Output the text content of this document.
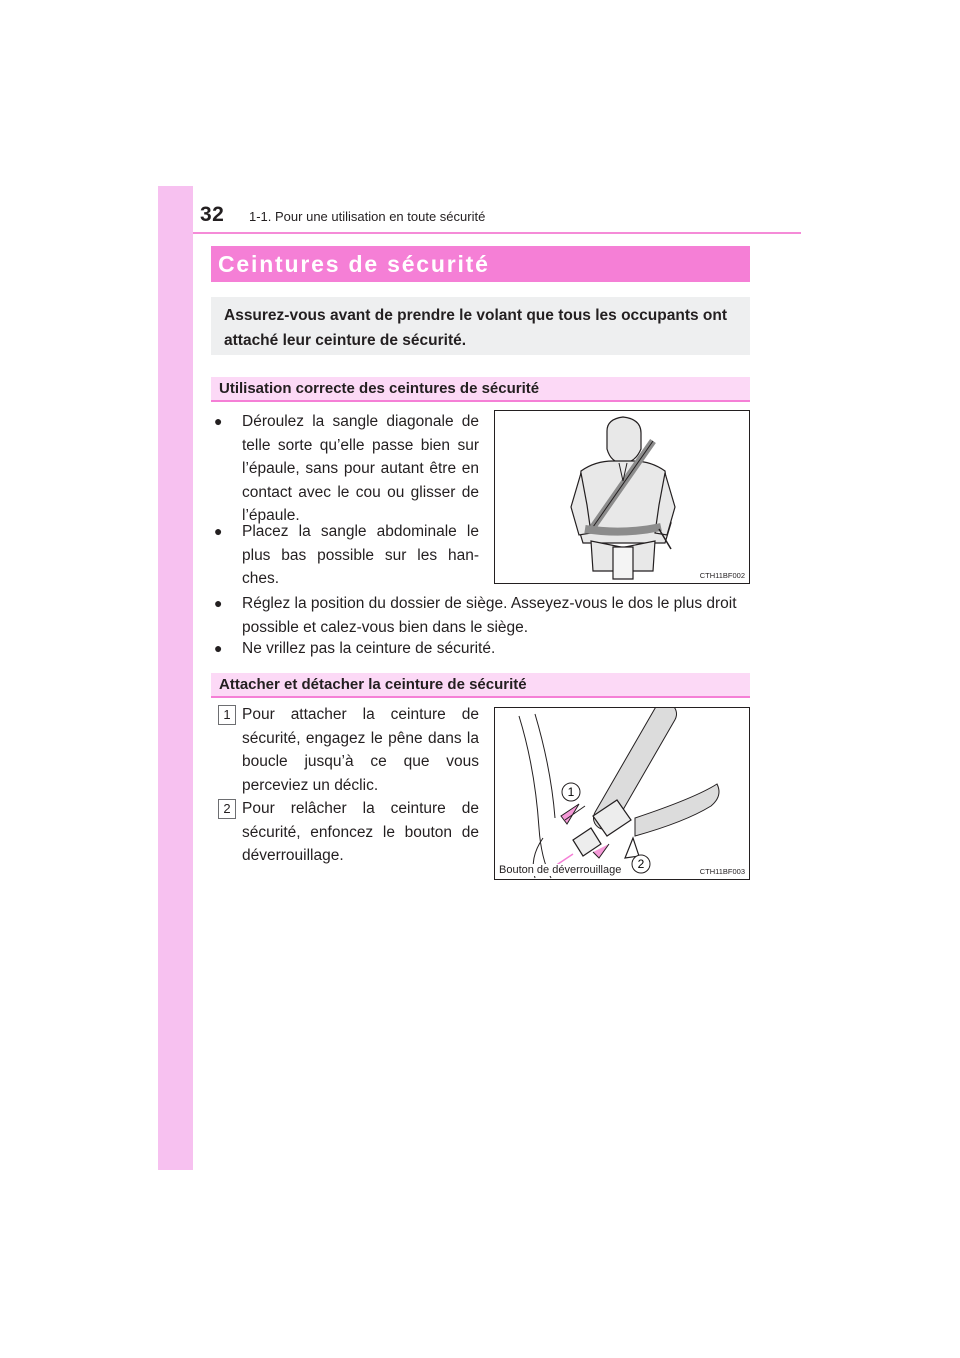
32 1-1. Pour une utilisation en toute sécurité
Ceintures de sécurité
Assurez-vous avant de prendre le volant que tous les occupants ont attaché leur ceinture de sécurité.
Utilisation correcte des ceintures de sécurité
● Déroulez la sangle diagonale de telle sorte qu’elle passe bien sur l’épaule, sans pour autant être en contact avec le cou ou glisser de l’épaule.
● Placez la sangle abdominale le plus bas possible sur les han-ches.
● Réglez la position du dossier de siège. Asseyez-vous le dos le plus droit possible et calez-vous bien dans le siège.
● Ne vrillez pas la ceinture de sécurité.
CTH11BF002
Attacher et détacher la ceinture de sécurité
1 Pour attacher la ceinture de sécurité, engagez le pêne dans la boucle jusqu’à ce que vous perceviez un déclic.
2 Pour relâcher la ceinture de sécurité, enfoncez le bouton de déverrouillage.
1
2
Bouton de déverrouillage	CTH11BF003
